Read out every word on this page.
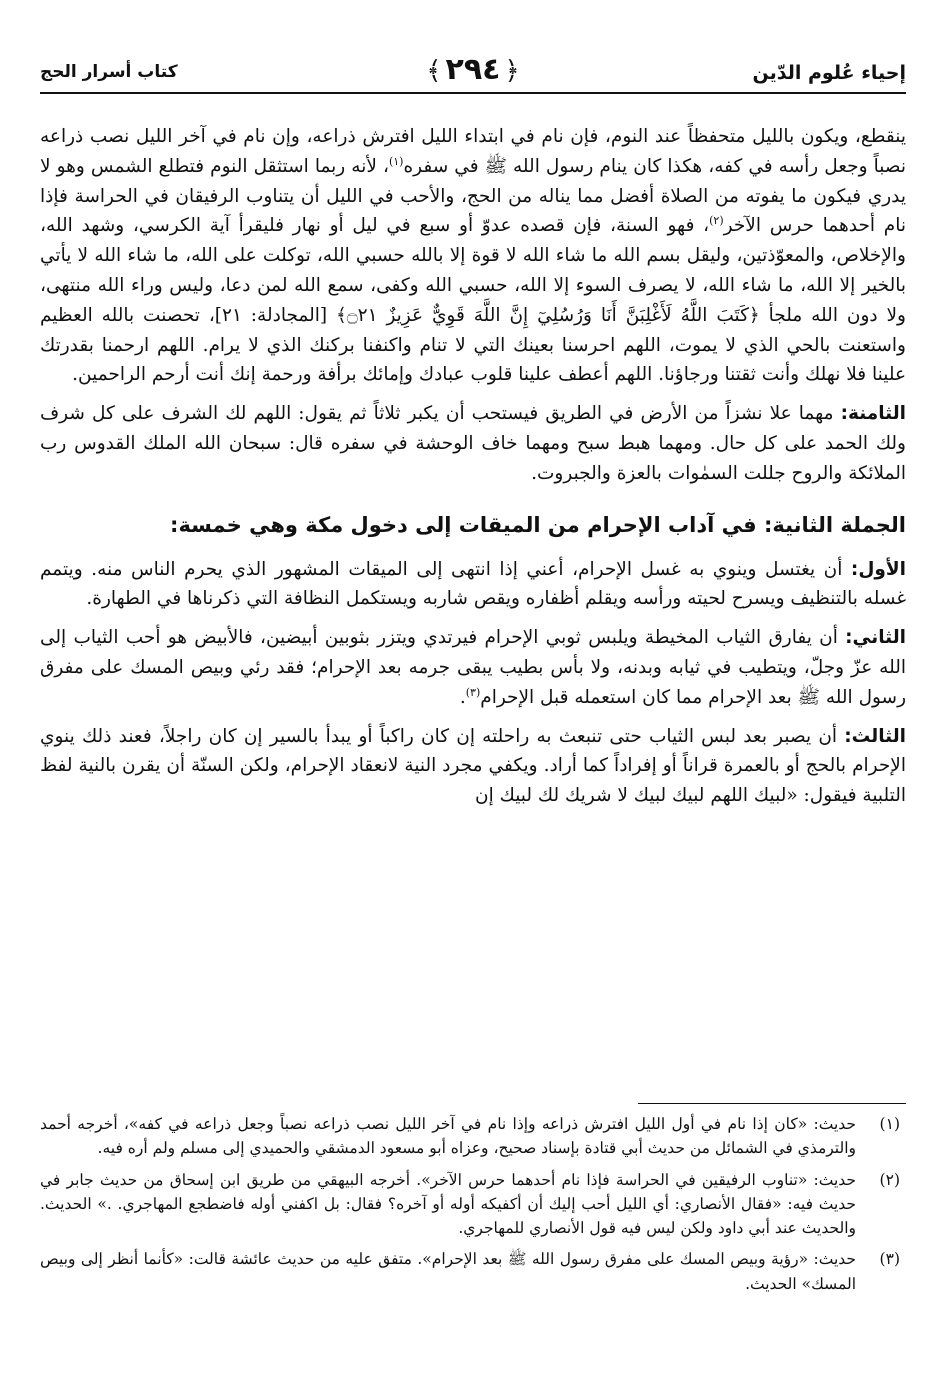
إحياء عُلوم الدّين
﴿٢٩٤﴾
كتاب أسرار الحج

ينقطع، ويكون بالليل متحفظاً عند النوم، فإن نام في ابتداء الليل افترش ذراعه، وإن نام في آخر الليل نصب ذراعه نصباً وجعل رأسه في كفه، هكذا كان ينام رسول الله ﷺ في سفره$^{(١)}$، لأنه ربما استثقل النوم فتطلع الشمس وهو لا يدري فيكون ما يفوته من الصلاة أفضل مما يناله من الحج، والأحب في الليل أن يتناوب الرفيقان في الحراسة فإذا نام أحدهما حرس الآخر$^{(٢)}$، فهو السنة، فإن قصده عدوّ أو سبع في ليل أو نهار فليقرأ آية الكرسي، وشهد الله، والإخلاص، والمعوّذتين، وليقل بسم الله ما شاء الله لا قوة إلا بالله حسبي الله، توكلت على الله، ما شاء الله لا يأتي بالخير إلا الله، ما شاء الله، لا يصرف السوء إلا الله، حسبي الله وكفى، سمع الله لمن دعا، وليس وراء الله منتهى، ولا دون الله ملجأ ﴿كَتَبَ اللَّهُ لَأَغْلِبَنَّ أَنَا وَرُسُلِيٓ إِنَّ اللَّهَ قَوِيٌّ عَزِيزٌ ۝٢١﴾ [المجادلة: ٢١]، تحصنت بالله العظيم واستعنت بالحي الذي لا يموت، اللهم احرسنا بعينك التي لا تنام واكنفنا بركنك الذي لا يرام. اللهم ارحمنا بقدرتك علينا فلا نهلك وأنت ثقتنا ورجاؤنا. اللهم أعطف علينا قلوب عبادك وإمائك برأفة ورحمة إنك أنت أرحم الراحمين.

الثامنة: مهما علا نشزاً من الأرض في الطريق فيستحب أن يكبر ثلاثاً ثم يقول: اللهم لك الشرف على كل شرف ولك الحمد على كل حال. ومهما هبط سبح ومهما خاف الوحشة في سفره قال: سبحان الله الملك القدوس رب الملائكة والروح جللت السمٰوات بالعزة والجبروت.

الجملة الثانية: في آداب الإحرام من الميقات إلى دخول مكة وهي خمسة:

الأول: أن يغتسل وينوي به غسل الإحرام، أعني إذا انتهى إلى الميقات المشهور الذي يحرم الناس منه. ويتمم غسله بالتنظيف ويسرح لحيته ورأسه ويقلم أظفاره ويقص شاربه ويستكمل النظافة التي ذكرناها في الطهارة.

الثاني: أن يفارق الثياب المخيطة ويلبس ثوبي الإحرام فيرتدي ويتزر بثوبين أبيضين، فالأبيض هو أحب الثياب إلى الله عزّ وجلّ، ويتطيب في ثيابه وبدنه، ولا بأس بطيب يبقى جرمه بعد الإحرام؛ فقد رئي وبيص المسك على مفرق رسول الله ﷺ بعد الإحرام مما كان استعمله قبل الإحرام$^{(٣)}$.

الثالث: أن يصبر بعد لبس الثياب حتى تنبعث به راحلته إن كان راكباً أو يبدأ بالسير إن كان راجلاً، فعند ذلك ينوي الإحرام بالحج أو بالعمرة قراناً أو إفراداً كما أراد. ويكفي مجرد النية لانعقاد الإحرام، ولكن السنّة أن يقرن بالنية لفظ التلبية فيقول: «لبيك اللهم لبيك لبيك لا شريك لك لبيك إن

(١)
حديث: «كان إذا نام في أول الليل افترش ذراعه وإذا نام في آخر الليل نصب ذراعه نصباً وجعل ذراعه في كفه»، أخرجه أحمد والترمذي في الشمائل من حديث أبي قتادة بإسناد صحيح، وعزاه أبو مسعود الدمشقي والحميدي إلى مسلم ولم أره فيه.
(٢)
حديث: «تناوب الرفيقين في الحراسة فإذا نام أحدهما حرس الآخر». أخرجه البيهقي من طريق ابن إسحاق من حديث جابر في حديث فيه: «فقال الأنصاري: أي الليل أحب إليك أن أكفيكه أوله أو آخره؟ فقال: بل اكفني أوله فاضطجع المهاجري. .» الحديث. والحديث عند أبي داود ولكن ليس فيه قول الأنصاري للمهاجري.
(٣)
حديث: «رؤية وبيص المسك على مفرق رسول الله ﷺ بعد الإحرام». متفق عليه من حديث عائشة قالت: «كأنما أنظر إلى وبيص المسك» الحديث.
